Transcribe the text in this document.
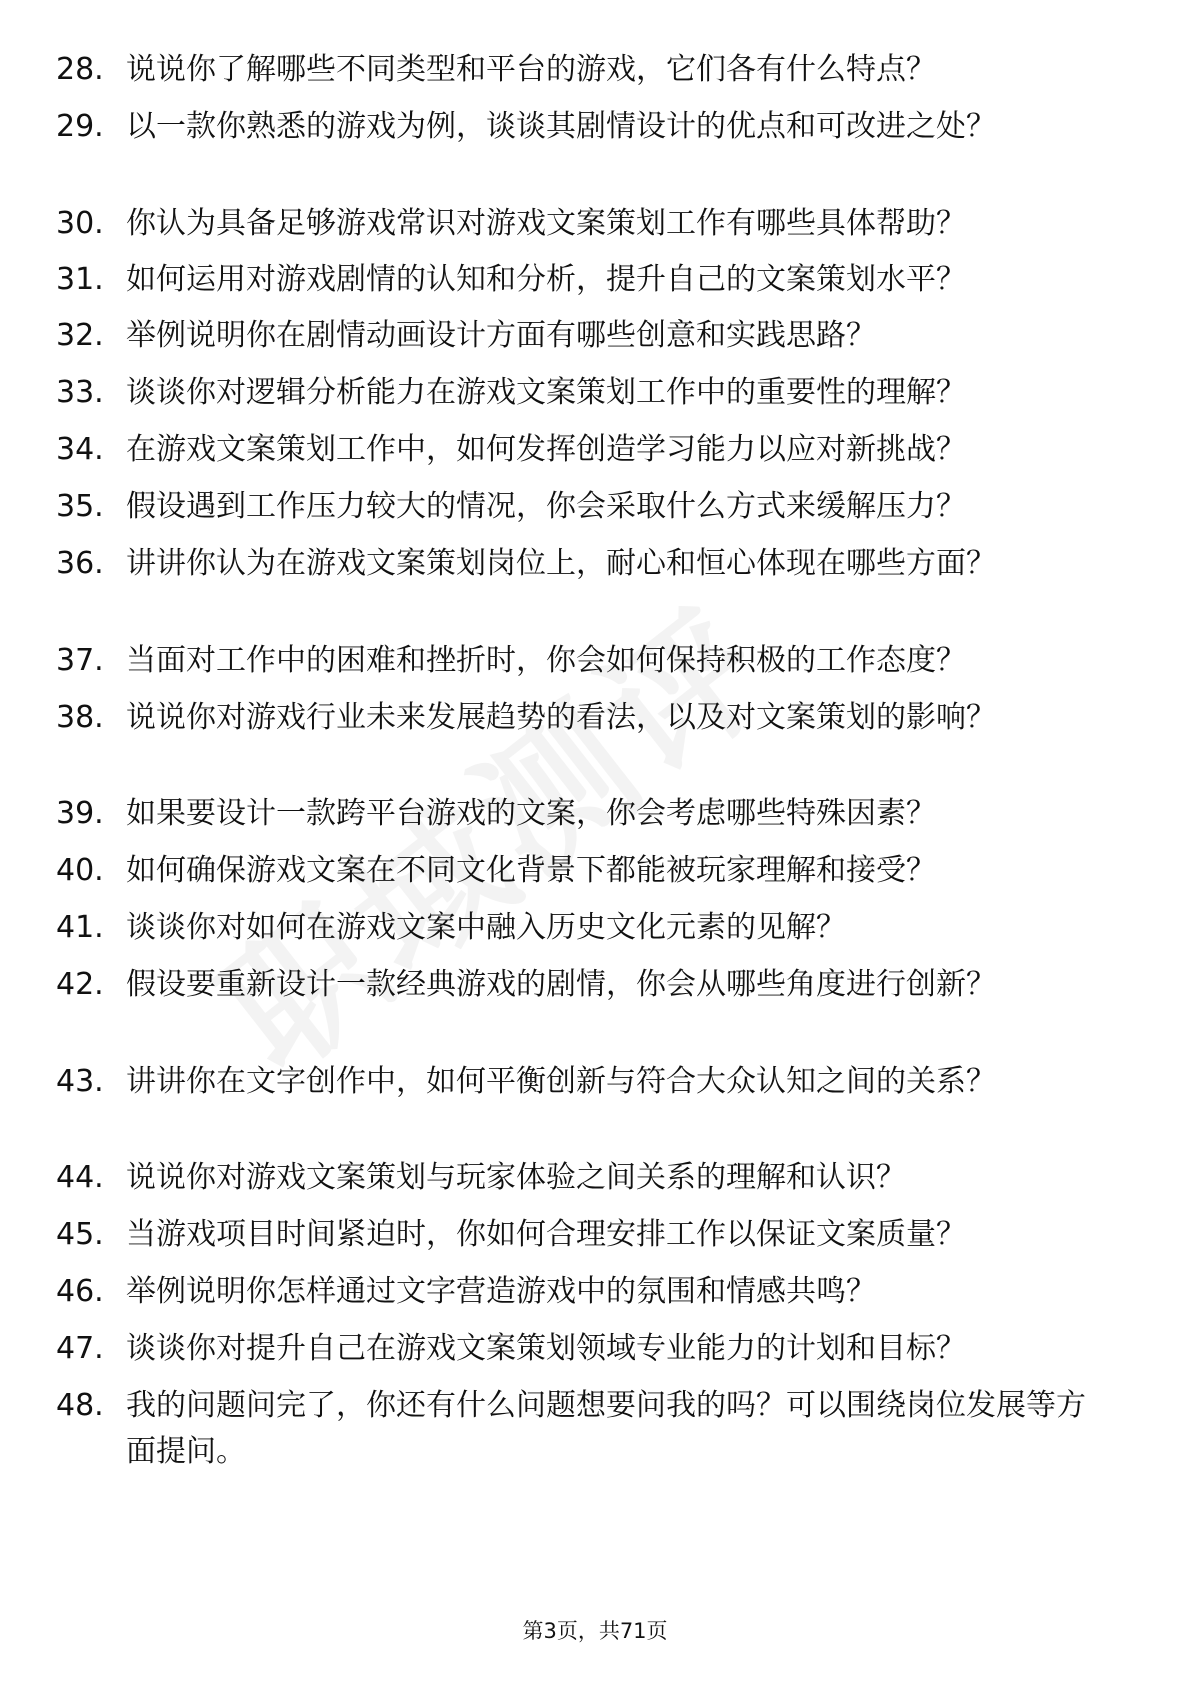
28. 说说你了解哪些不同类型和平台的游戏，它们各有什么特点？
29. 以一款你熟悉的游戏为例，谈谈其剧情设计的优点和可改进之处？
30. 你认为具备足够游戏常识对游戏文案策划工作有哪些具体帮助？
31. 如何运用对游戏剧情的认知和分析，提升自己的文案策划水平？
32. 举例说明你在剧情动画设计方面有哪些创意和实践思路？
33. 谈谈你对逻辑分析能力在游戏文案策划工作中的重要性的理解？
34. 在游戏文案策划工作中，如何发挥创造学习能力以应对新挑战？
35. 假设遇到工作压力较大的情况，你会采取什么方式来缓解压力？
36. 讲讲你认为在游戏文案策划岗位上，耐心和恒心体现在哪些方面？
37. 当面对工作中的困难和挫折时，你会如何保持积极的工作态度？
38. 说说你对游戏行业未来发展趋势的看法，以及对文案策划的影响？
39. 如果要设计一款跨平台游戏的文案，你会考虑哪些特殊因素？
40. 如何确保游戏文案在不同文化背景下都能被玩家理解和接受？
41. 谈谈你对如何在游戏文案中融入历史文化元素的见解？
42. 假设要重新设计一款经典游戏的剧情，你会从哪些角度进行创新？
43. 讲讲你在文字创作中，如何平衡创新与符合大众认知之间的关系？
44. 说说你对游戏文案策划与玩家体验之间关系的理解和认识？
45. 当游戏项目时间紧迫时，你如何合理安排工作以保证文案质量？
46. 举例说明你怎样通过文字营造游戏中的氛围和情感共鸣？
47. 谈谈你对提升自己在游戏文案策划领域专业能力的计划和目标？
48. 我的问题问完了，你还有什么问题想要问我的吗？可以围绕岗位发展等方面提问。
第3页，共71页
